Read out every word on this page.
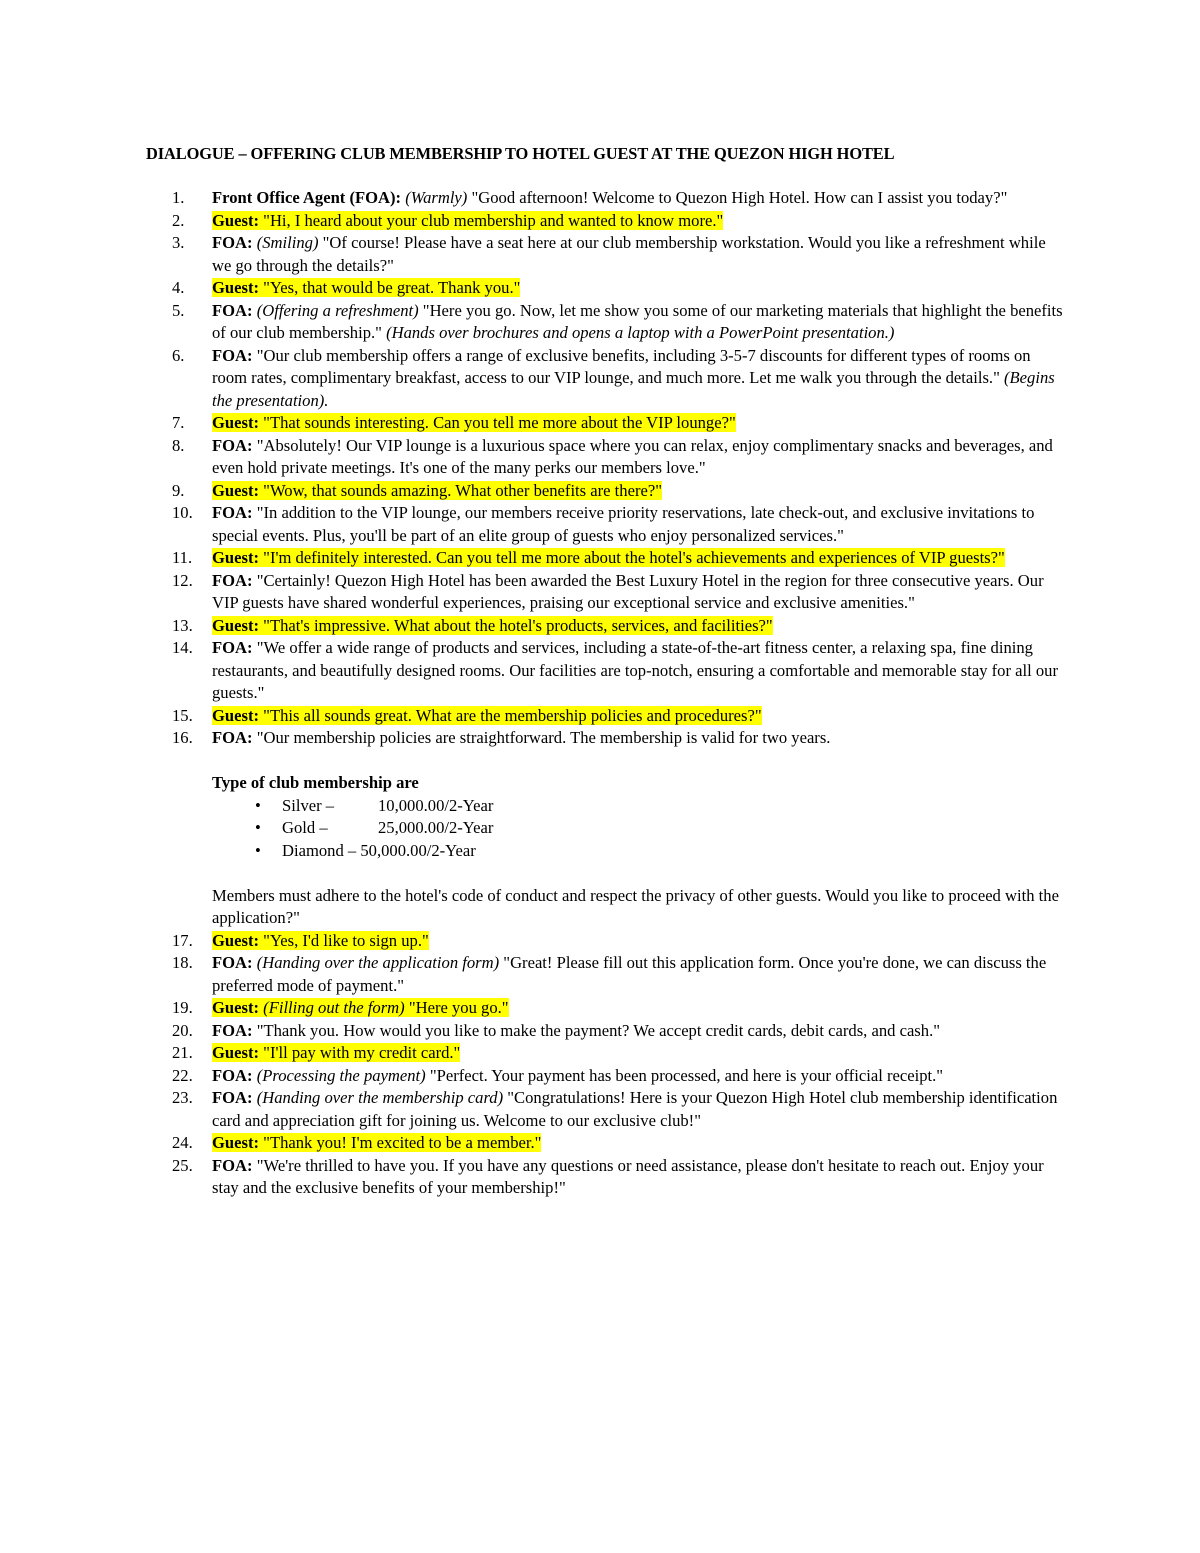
DIALOGUE – OFFERING CLUB MEMBERSHIP TO HOTEL GUEST AT THE QUEZON HIGH HOTEL
1.	Front Office Agent (FOA): (Warmly) "Good afternoon! Welcome to Quezon High Hotel. How can I assist you today?"
2.	Guest: "Hi, I heard about your club membership and wanted to know more."
3.	FOA: (Smiling) "Of course! Please have a seat here at our club membership workstation. Would you like a refreshment while we go through the details?"
4.	Guest: "Yes, that would be great. Thank you."
5.	FOA: (Offering a refreshment) "Here you go. Now, let me show you some of our marketing materials that highlight the benefits of our club membership." (Hands over brochures and opens a laptop with a PowerPoint presentation.)
6.	FOA: "Our club membership offers a range of exclusive benefits, including 3-5-7 discounts for different types of rooms on room rates, complimentary breakfast, access to our VIP lounge, and much more. Let me walk you through the details." (Begins the presentation).
7.	Guest: "That sounds interesting. Can you tell me more about the VIP lounge?"
8.	FOA: "Absolutely! Our VIP lounge is a luxurious space where you can relax, enjoy complimentary snacks and beverages, and even hold private meetings. It's one of the many perks our members love."
9.	Guest: "Wow, that sounds amazing. What other benefits are there?"
10.	FOA: "In addition to the VIP lounge, our members receive priority reservations, late check-out, and exclusive invitations to special events. Plus, you'll be part of an elite group of guests who enjoy personalized services."
11.	Guest: "I'm definitely interested. Can you tell me more about the hotel's achievements and experiences of VIP guests?"
12.	FOA: "Certainly! Quezon High Hotel has been awarded the Best Luxury Hotel in the region for three consecutive years. Our VIP guests have shared wonderful experiences, praising our exceptional service and exclusive amenities."
13.	Guest: "That's impressive. What about the hotel's products, services, and facilities?"
14.	FOA: "We offer a wide range of products and services, including a state-of-the-art fitness center, a relaxing spa, fine dining restaurants, and beautifully designed rooms. Our facilities are top-notch, ensuring a comfortable and memorable stay for all our guests."
15.	Guest: "This all sounds great. What are the membership policies and procedures?"
16.	FOA: "Our membership policies are straightforward. The membership is valid for two years.
Type of club membership are
• Silver –	10,000.00/2-Year
• Gold –	25,000.00/2-Year
• Diamond – 50,000.00/2-Year
Members must adhere to the hotel's code of conduct and respect the privacy of other guests. Would you like to proceed with the application?"
17.	Guest: "Yes, I'd like to sign up."
18.	FOA: (Handing over the application form) "Great! Please fill out this application form. Once you're done, we can discuss the preferred mode of payment."
19.	Guest: (Filling out the form) "Here you go."
20.	FOA: "Thank you. How would you like to make the payment? We accept credit cards, debit cards, and cash."
21.	Guest: "I'll pay with my credit card."
22.	FOA: (Processing the payment) "Perfect. Your payment has been processed, and here is your official receipt."
23.	FOA: (Handing over the membership card) "Congratulations! Here is your Quezon High Hotel club membership identification card and appreciation gift for joining us. Welcome to our exclusive club!"
24.	Guest: "Thank you! I'm excited to be a member."
25.	FOA: "We're thrilled to have you. If you have any questions or need assistance, please don't hesitate to reach out. Enjoy your stay and the exclusive benefits of your membership!"
